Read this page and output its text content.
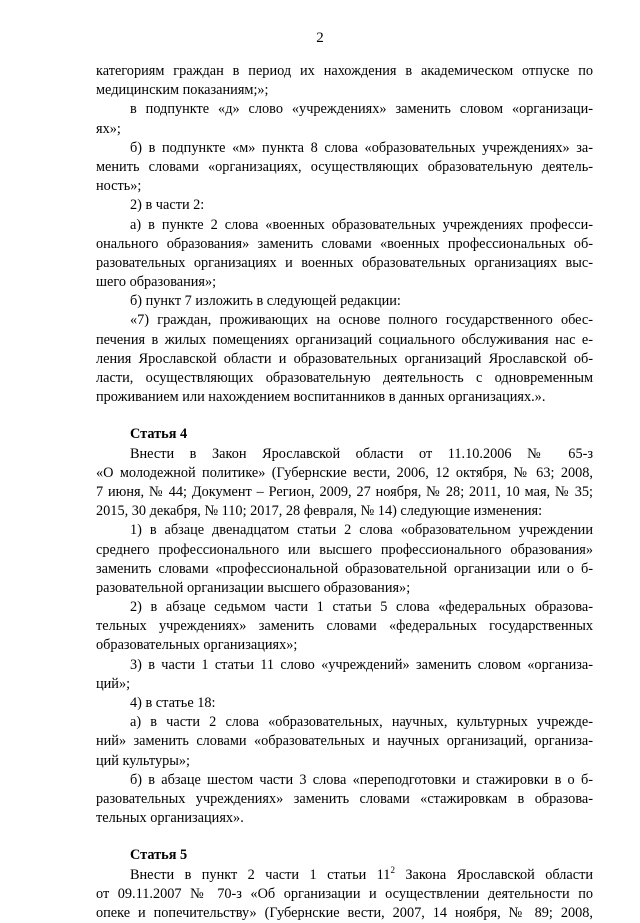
2
категориям граждан в период их нахождения в академическом отпуске по
медицинским показаниям;»;
в подпункте «д» слово «учреждениях» заменить словом «организаци-
ях»;
б) в подпункте «м» пункта 8 слова «образовательных учреждениях» за-
менить словами «организациях, осуществляющих образовательную деятель-
ность»;
2) в части 2:
а) в пункте 2 слова «военных образовательных учреждениях професси-
онального образования» заменить словами «военных профессиональных об-
разовательных организациях и военных образовательных организациях выс-
шего образования»;
б) пункт 7 изложить в следующей редакции:
«7) граждан, проживающих на основе полного государственного обес-
печения в жилых помещениях организаций социального обслуживания нас е-
ления Ярославской области и образовательных организаций Ярославской об-
ласти, осуществляющих образовательную деятельность с одновременным
проживанием или нахождением воспитанников в данных организациях.».
Статья 4
Внести в Закон Ярославской области от 11.10.2006 № 65-з
«О молодежной политике» (Губернские вести, 2006, 12 октября, № 63; 2008,
7 июня, № 44; Документ – Регион, 2009, 27 ноября, № 28; 2011, 10 мая, № 35;
2015, 30 декабря, № 110; 2017, 28 февраля, № 14) следующие изменения:
1) в абзаце двенадцатом статьи 2 слова «образовательном учреждении
среднего профессионального или высшего профессионального образования»
заменить словами «профессиональной образовательной организации или о б-
разовательной организации высшего образования»;
2) в абзаце седьмом части 1 статьи 5 слова «федеральных образова-
тельных учреждениях» заменить словами «федеральных государственных
образовательных организациях»;
3) в части 1 статьи 11 слово «учреждений» заменить словом «организа-
ций»;
4) в статье 18:
а) в части 2 слова «образовательных, научных, культурных учрежде-
ний» заменить словами «образовательных и научных организаций, организа-
ций культуры»;
б) в абзаце шестом части 3 слова «переподготовки и стажировки в о б-
разовательных учреждениях» заменить словами «стажировкам в образова-
тельных организациях».
Статья 5
Внести в пункт 2 части 1 статьи $11^2$ Закона Ярославской области
от 09.11.2007 № 70-з «Об организации и осуществлении деятельности по
опеке и попечительству» (Губернские вести, 2007, 14 ноября, № 89; 2008,
